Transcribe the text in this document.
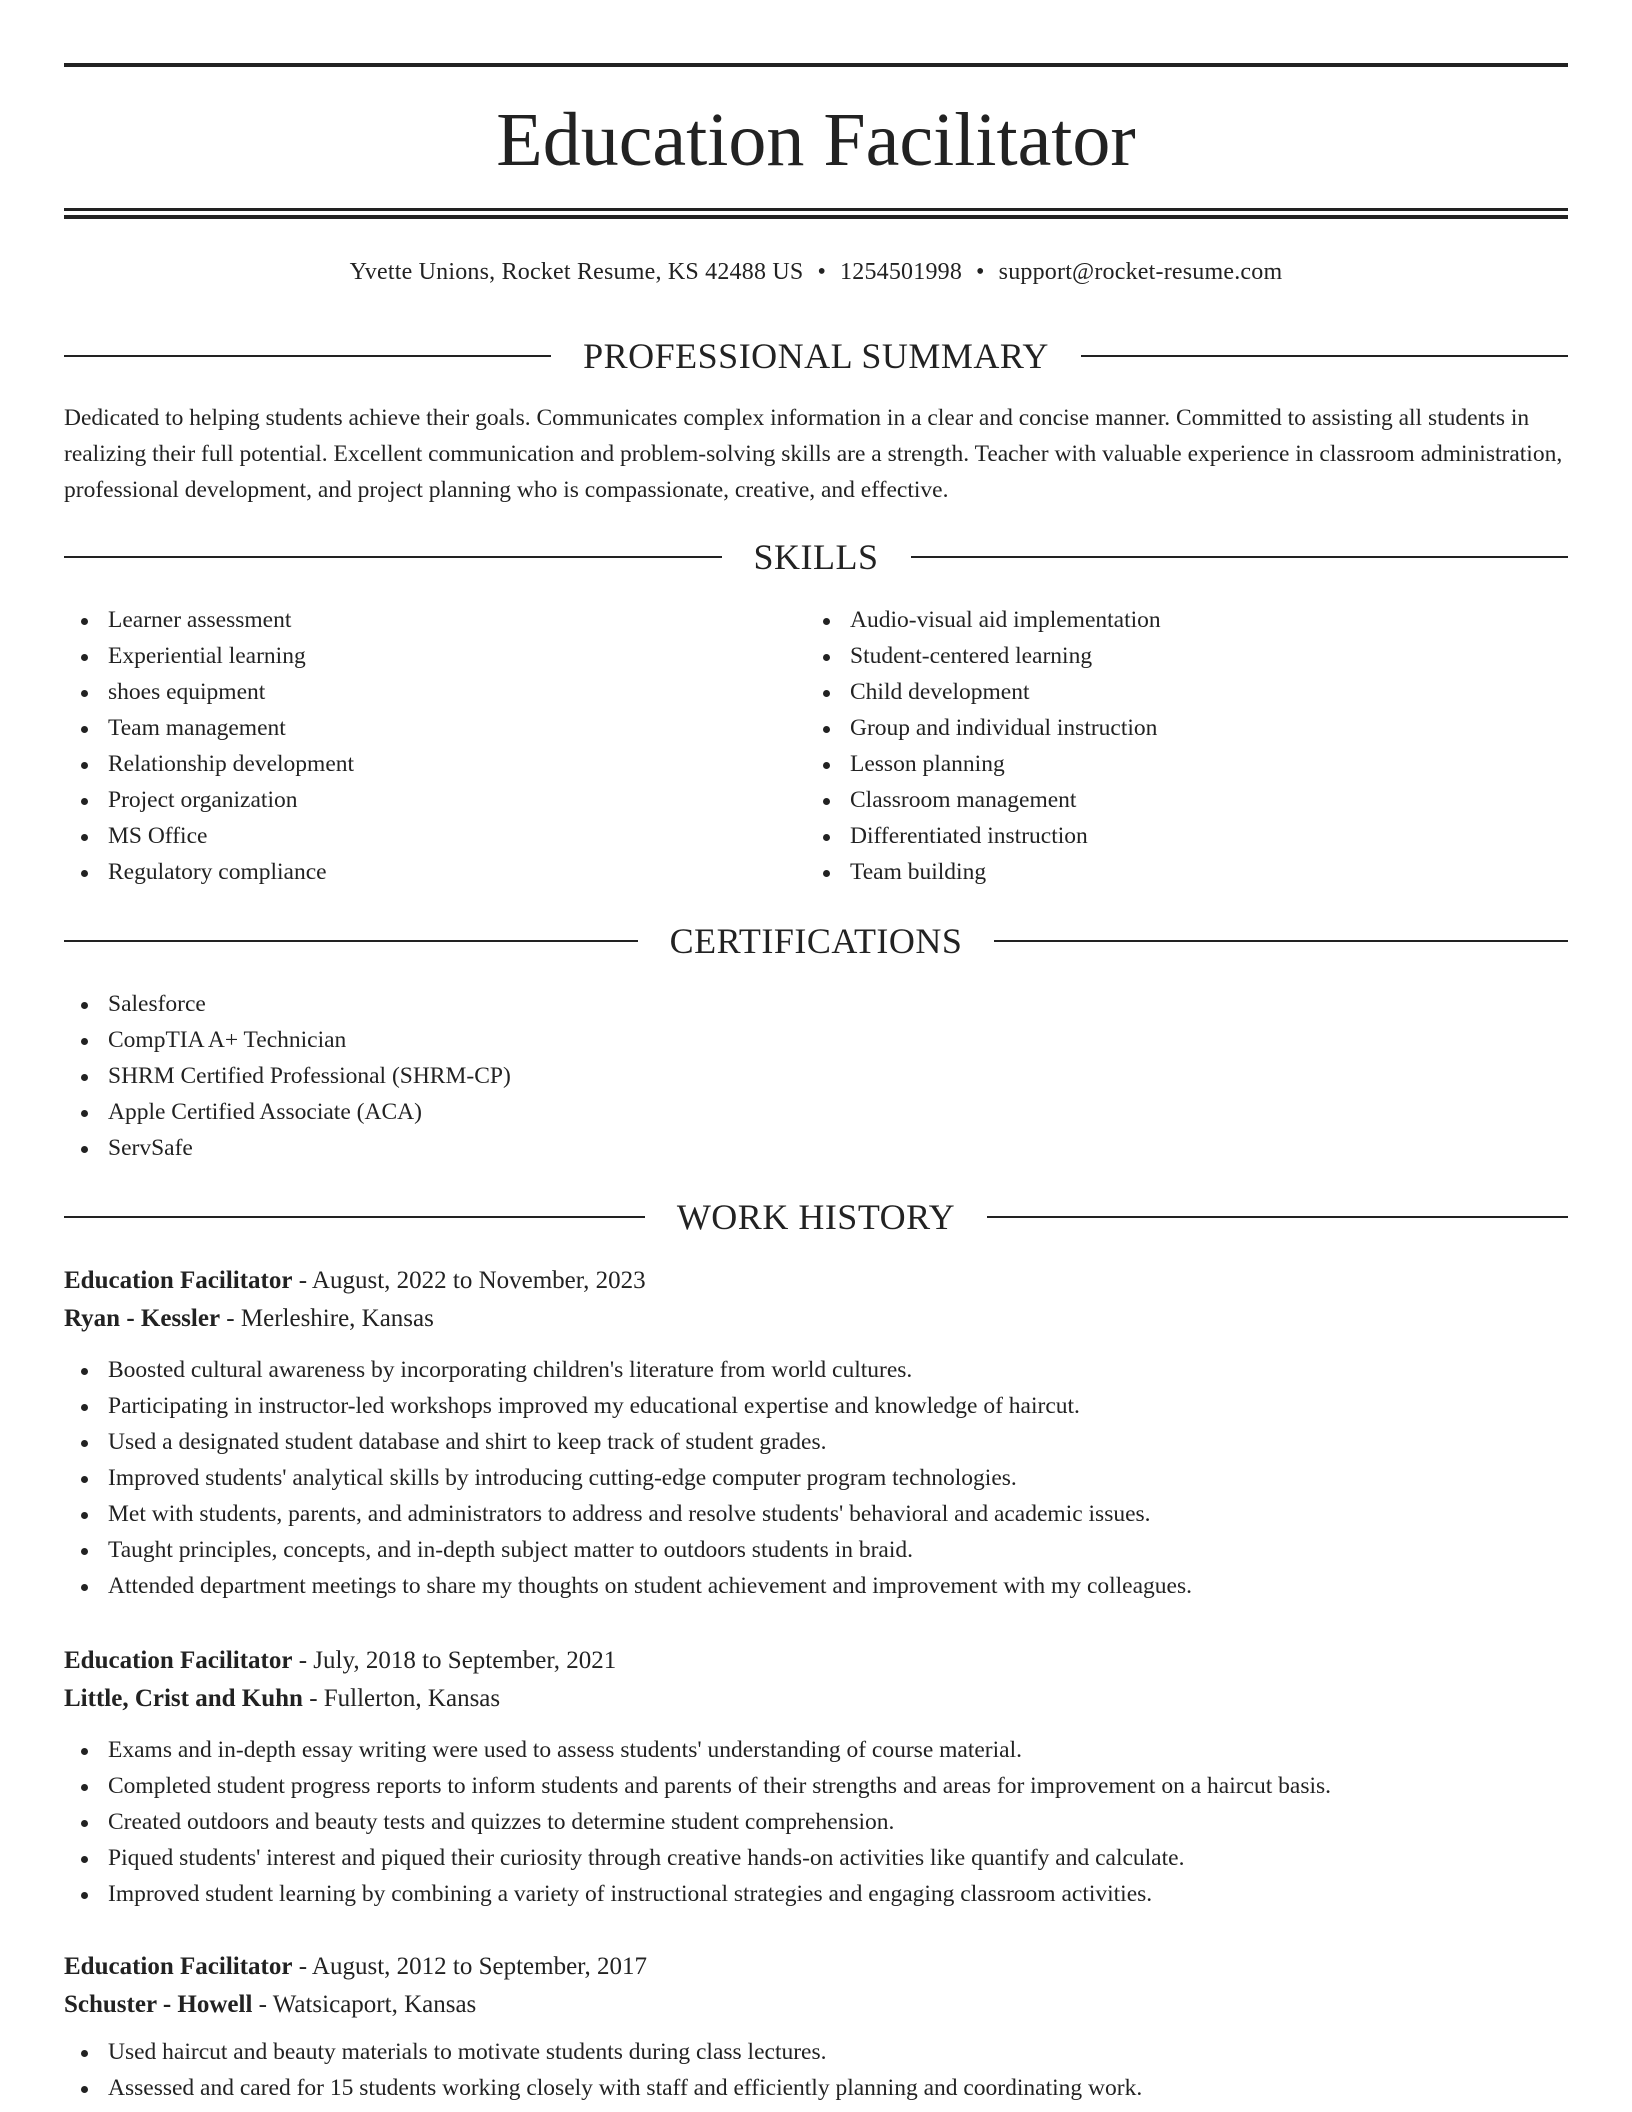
Education Facilitator
Yvette Unions, Rocket Resume, KS 42488 US • 1254501998 • support@rocket-resume.com
PROFESSIONAL SUMMARY

Dedicated to helping students achieve their goals. Communicates complex information in a clear and concise manner. Committed to assisting all students in realizing their full potential. Excellent communication and problem-solving skills are a strength. Teacher with valuable experience in classroom administration, professional development, and project planning who is compassionate, creative, and effective.

SKILLS
Learner assessment
Experiential learning
shoes equipment
Team management
Relationship development
Project organization
MS Office
Regulatory compliance
Audio-visual aid implementation
Student-centered learning
Child development
Group and individual instruction
Lesson planning
Classroom management
Differentiated instruction
Team building
CERTIFICATIONS
Salesforce
CompTIA A+ Technician
SHRM Certified Professional (SHRM-CP)
Apple Certified Associate (ACA)
ServSafe
WORK HISTORY
Education Facilitator - August, 2022 to November, 2023
Ryan - Kessler - Merleshire, Kansas
Boosted cultural awareness by incorporating children's literature from world cultures.
Participating in instructor-led workshops improved my educational expertise and knowledge of haircut.
Used a designated student database and shirt to keep track of student grades.
Improved students' analytical skills by introducing cutting-edge computer program technologies.
Met with students, parents, and administrators to address and resolve students' behavioral and academic issues.
Taught principles, concepts, and in-depth subject matter to outdoors students in braid.
Attended department meetings to share my thoughts on student achievement and improvement with my colleagues.
Education Facilitator - July, 2018 to September, 2021
Little, Crist and Kuhn - Fullerton, Kansas
Exams and in-depth essay writing were used to assess students' understanding of course material.
Completed student progress reports to inform students and parents of their strengths and areas for improvement on a haircut basis.
Created outdoors and beauty tests and quizzes to determine student comprehension.
Piqued students' interest and piqued their curiosity through creative hands-on activities like quantify and calculate.
Improved student learning by combining a variety of instructional strategies and engaging classroom activities.
Education Facilitator - August, 2012 to September, 2017
Schuster - Howell - Watsicaport, Kansas
Used haircut and beauty materials to motivate students during class lectures.
Assessed and cared for 15 students working closely with staff and efficiently planning and coordinating work.
